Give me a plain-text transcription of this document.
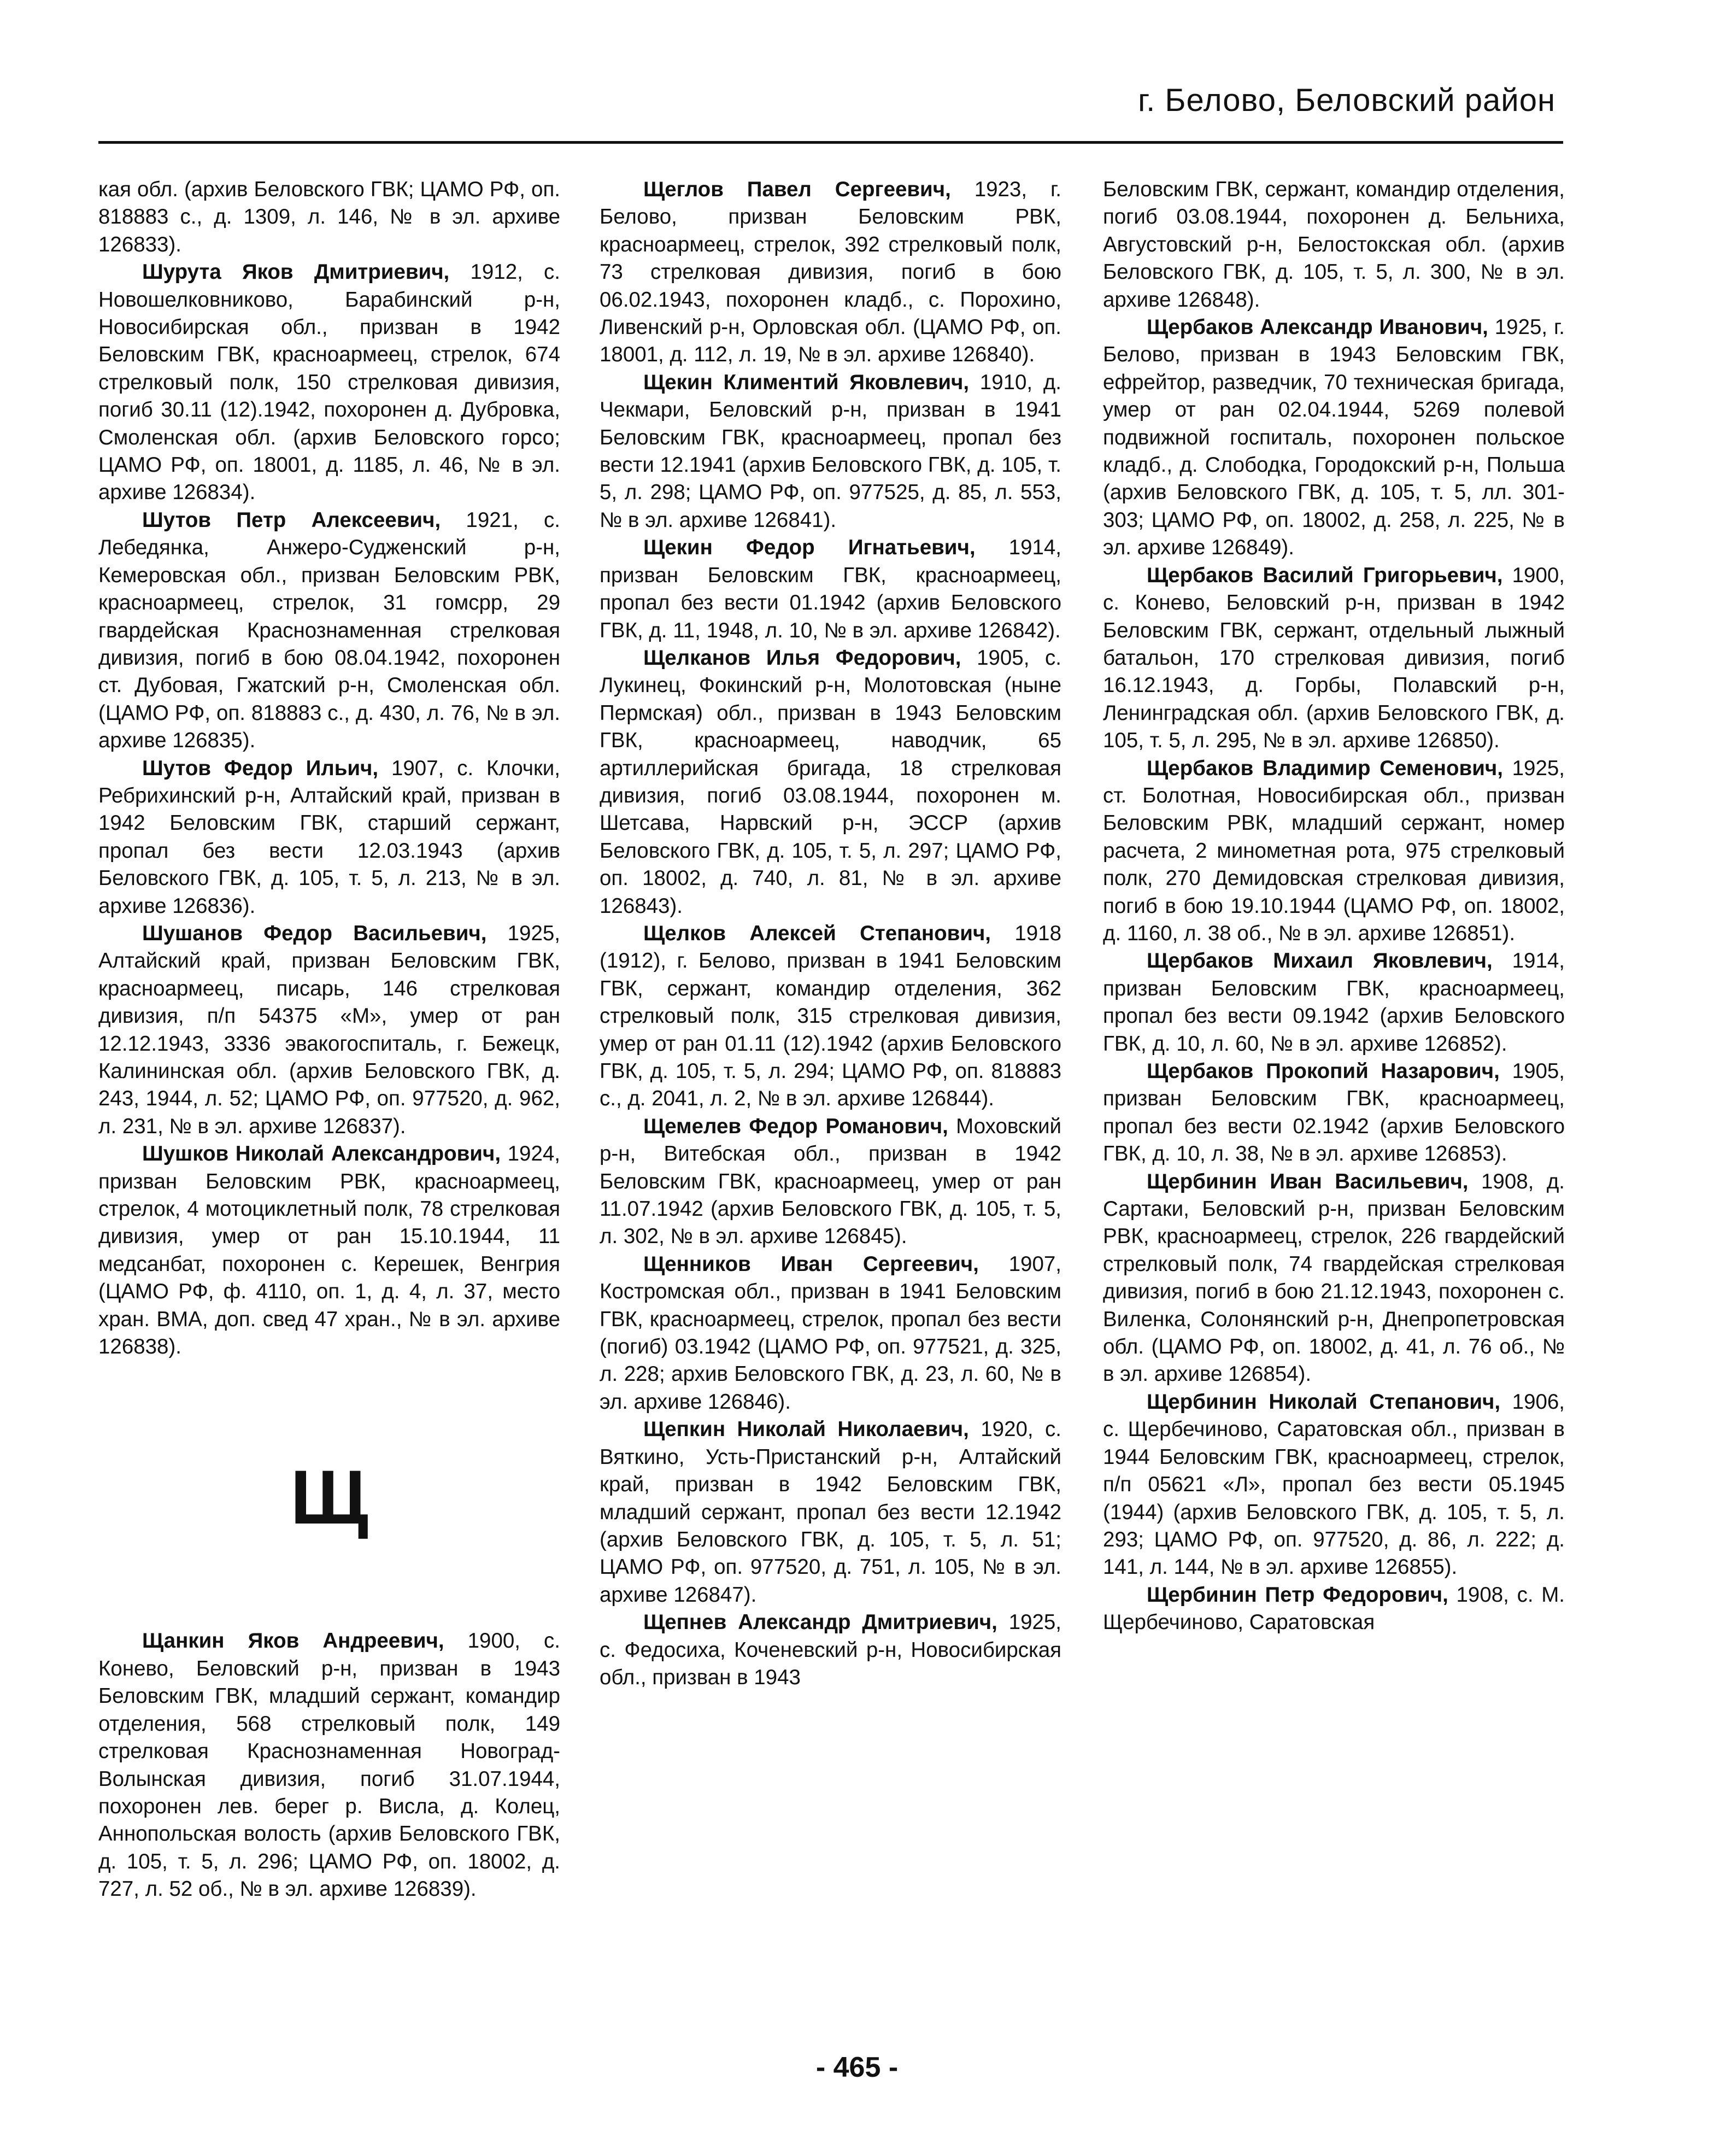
г. Белово, Беловский район

кая обл. (архив Беловского ГВК; ЦАМО РФ, оп. 818883 с., д. 1309, л. 146, № в эл. архиве 126833).

Шурута Яков Дмитриевич, 1912, с. Новошелковниково, Барабинский р-н, Новосибирская обл., призван в 1942 Беловским ГВК, красноармеец, стрелок, 674 стрелковый полк, 150 стрелковая дивизия, погиб 30.11 (12).1942, похоронен д. Дубровка, Смоленская обл. (архив Беловского горсо; ЦАМО РФ, оп. 18001, д. 1185, л. 46, № в эл. архиве 126834).

Шутов Петр Алексеевич, 1921, с. Лебедянка, Анжеро-Судженский р-н, Кемеровская обл., призван Беловским РВК, красноармеец, стрелок, 31 гомсрр, 29 гвардейская Краснознаменная стрелковая дивизия, погиб в бою 08.04.1942, похоронен ст. Дубовая, Гжатский р-н, Смоленская обл. (ЦАМО РФ, оп. 818883 с., д. 430, л. 76, № в эл. архиве 126835).

Шутов Федор Ильич, 1907, с. Клочки, Ребрихинский р-н, Алтайский край, призван в 1942 Беловским ГВК, старший сержант, пропал без вести 12.03.1943 (архив Беловского ГВК, д. 105, т. 5, л. 213, № в эл. архиве 126836).

Шушанов Федор Васильевич, 1925, Алтайский край, призван Беловским ГВК, красноармеец, писарь, 146 стрелковая дивизия, п/п 54375 «М», умер от ран 12.12.1943, 3336 эвакогоспиталь, г. Бежецк, Калининская обл. (архив Беловского ГВК, д. 243, 1944, л. 52; ЦАМО РФ, оп. 977520, д. 962, л. 231, № в эл. архиве 126837).

Шушков Николай Александрович, 1924, призван Беловским РВК, красноармеец, стрелок, 4 мотоциклетный полк, 78 стрелковая дивизия, умер от ран 15.10.1944, 11 медсанбат, похоронен с. Керешек, Венгрия (ЦАМО РФ, ф. 4110, оп. 1, д. 4, л. 37, место хран. ВМА, доп. свед 47 хран., № в эл. архиве 126838).

Щ

Щанкин Яков Андреевич, 1900, с. Конево, Беловский р-н, призван в 1943 Беловским ГВК, младший сержант, командир отделения, 568 стрелковый полк, 149 стрелковая Краснознаменная Новоград-Волынская дивизия, погиб 31.07.1944, похоронен лев. берег р. Висла, д. Колец, Аннопольская волость (архив Беловского ГВК, д. 105, т. 5, л. 296; ЦАМО РФ, оп. 18002, д. 727, л. 52 об., № в эл. архиве 126839).

Щеглов Павел Сергеевич, 1923, г. Белово, призван Беловским РВК, красноармеец, стрелок, 392 стрелковый полк, 73 стрелковая дивизия, погиб в бою 06.02.1943, похоронен кладб., с. Порохино, Ливенский р-н, Орловская обл. (ЦАМО РФ, оп. 18001, д. 112, л. 19, № в эл. архиве 126840).

Щекин Климентий Яковлевич, 1910, д. Чекмари, Беловский р-н, призван в 1941 Беловским ГВК, красноармеец, пропал без вести 12.1941 (архив Беловского ГВК, д. 105, т. 5, л. 298; ЦАМО РФ, оп. 977525, д. 85, л. 553, № в эл. архиве 126841).

Щекин Федор Игнатьевич, 1914, призван Беловским ГВК, красноармеец, пропал без вести 01.1942 (архив Беловского ГВК, д. 11, 1948, л. 10, № в эл. архиве 126842).

Щелканов Илья Федорович, 1905, с. Лукинец, Фокинский р-н, Молотовская (ныне Пермская) обл., призван в 1943 Беловским ГВК, красноармеец, наводчик, 65 артиллерийская бригада, 18 стрелковая дивизия, погиб 03.08.1944, похоронен м. Шетсава, Нарвский р-н, ЭССР (архив Беловского ГВК, д. 105, т. 5, л. 297; ЦАМО РФ, оп. 18002, д. 740, л. 81, № в эл. архиве 126843).

Щелков Алексей Степанович, 1918 (1912), г. Белово, призван в 1941 Беловским ГВК, сержант, командир отделения, 362 стрелковый полк, 315 стрелковая дивизия, умер от ран 01.11 (12).1942 (архив Беловского ГВК, д. 105, т. 5, л. 294; ЦАМО РФ, оп. 818883 с., д. 2041, л. 2, № в эл. архиве 126844).

Щемелев Федор Романович, Моховский р-н, Витебская обл., призван в 1942 Беловским ГВК, красноармеец, умер от ран 11.07.1942 (архив Беловского ГВК, д. 105, т. 5, л. 302, № в эл. архиве 126845).

Щенников Иван Сергеевич, 1907, Костромская обл., призван в 1941 Беловским ГВК, красноармеец, стрелок, пропал без вести (погиб) 03.1942 (ЦАМО РФ, оп. 977521, д. 325, л. 228; архив Беловского ГВК, д. 23, л. 60, № в эл. архиве 126846).

Щепкин Николай Николаевич, 1920, с. Вяткино, Усть-Пристанский р-н, Алтайский край, призван в 1942 Беловским ГВК, младший сержант, пропал без вести 12.1942 (архив Беловского ГВК, д. 105, т. 5, л. 51; ЦАМО РФ, оп. 977520, д. 751, л. 105, № в эл. архиве 126847).

Щепнев Александр Дмитриевич, 1925, с. Федосиха, Коченевский р-н, Новосибирская обл., призван в 1943

Беловским ГВК, сержант, командир отделения, погиб 03.08.1944, похоронен д. Бельниха, Августовский р-н, Белостокская обл. (архив Беловского ГВК, д. 105, т. 5, л. 300, № в эл. архиве 126848).

Щербаков Александр Иванович, 1925, г. Белово, призван в 1943 Беловским ГВК, ефрейтор, разведчик, 70 техническая бригада, умер от ран 02.04.1944, 5269 полевой подвижной госпиталь, похоронен польское кладб., д. Слободка, Городокский р-н, Польша (архив Беловского ГВК, д. 105, т. 5, лл. 301-303; ЦАМО РФ, оп. 18002, д. 258, л. 225, № в эл. архиве 126849).

Щербаков Василий Григорьевич, 1900, с. Конево, Беловский р-н, призван в 1942 Беловским ГВК, сержант, отдельный лыжный батальон, 170 стрелковая дивизия, погиб 16.12.1943, д. Горбы, Полавский р-н, Ленинградская обл. (архив Беловского ГВК, д. 105, т. 5, л. 295, № в эл. архиве 126850).

Щербаков Владимир Семенович, 1925, ст. Болотная, Новосибирская обл., призван Беловским РВК, младший сержант, номер расчета, 2 минометная рота, 975 стрелковый полк, 270 Демидовская стрелковая дивизия, погиб в бою 19.10.1944 (ЦАМО РФ, оп. 18002, д. 1160, л. 38 об., № в эл. архиве 126851).

Щербаков Михаил Яковлевич, 1914, призван Беловским ГВК, красноармеец, пропал без вести 09.1942 (архив Беловского ГВК, д. 10, л. 60, № в эл. архиве 126852).

Щербаков Прокопий Назарович, 1905, призван Беловским ГВК, красноармеец, пропал без вести 02.1942 (архив Беловского ГВК, д. 10, л. 38, № в эл. архиве 126853).

Щербинин Иван Васильевич, 1908, д. Сартаки, Беловский р-н, призван Беловским РВК, красноармеец, стрелок, 226 гвардейский стрелковый полк, 74 гвардейская стрелковая дивизия, погиб в бою 21.12.1943, похоронен с. Виленка, Солонянский р-н, Днепропетровская обл. (ЦАМО РФ, оп. 18002, д. 41, л. 76 об., № в эл. архиве 126854).

Щербинин Николай Степанович, 1906, с. Щербечиново, Саратовская обл., призван в 1944 Беловским ГВК, красноармеец, стрелок, п/п 05621 «Л», пропал без вести 05.1945 (1944) (архив Беловского ГВК, д. 105, т. 5, л. 293; ЦАМО РФ, оп. 977520, д. 86, л. 222; д. 141, л. 144, № в эл. архиве 126855).

Щербинин Петр Федорович, 1908, с. М. Щербечиново, Саратовская

- 465 -
